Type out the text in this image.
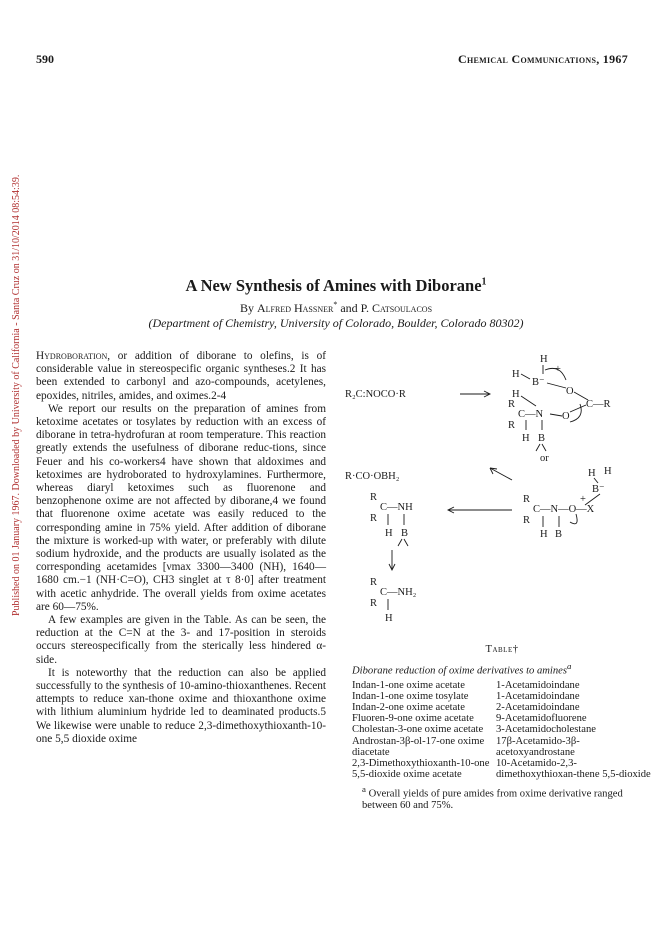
Published on 01 January 1967. Downloaded by University of California - Santa Cruz on 31/10/2014 08:54:39.
590	Chemical Communications, 1967
A New Synthesis of Amines with Diborane$^1$
By Alfred Hassner* and P. Catsoulacos
(Department of Chemistry, University of Colorado, Boulder, Colorado 80302)

Hydroboration, or addition of diborane to olefins, is of considerable value in stereospecific organic syntheses.2 It has been extended to carbonyl and azo-compounds, acetylenes, epoxides, nitriles, amides, and oximes.2-4

We report our results on the preparation of amines from ketoxime acetates or tosylates by reduction with an excess of diborane in tetra-hydrofuran at room temperature. This reaction greatly extends the usefulness of diborane reduc-tions, since Feuer and his co-workers4 have shown that aldoximes and ketoximes are hydroborated to hydroxylamines. Furthermore, whereas diaryl ketoximes such as fluorenone and benzophenone oxime are not affected by diborane,4 we found that fluorenone oxime acetate was easily reduced to the corresponding amine in 75% yield. After addition of diborane the mixture is worked-up with water, or preferably with dilute sodium hydroxide, and the products are usually isolated as the corresponding acetamides [νmax 3300—3400 (NH), 1640—1680 cm.−1 (NH·C=O), CH3 singlet at τ 8·0] after treatment with acetic anhydride. The overall yields from oxime acetates are 60—75%.

A few examples are given in the Table. As can be seen, the reduction at the C=N at the 3- and 17-position in steroids occurs stereospecifically from the sterically less hindered α-side.

It is noteworthy that the reduction can also be applied successfully to the synthesis of 10-amino-thioxanthenes. Recent attempts to reduce xan-thone oxime and thioxanthone oxime with lithium aluminium hydride led to deaminated products.5 We likewise were unable to reduce 2,3-dimethoxythioxanth-10-one 5,5 dioxide oxime

H
H
B⁻
+
O
H
C—R
R
C—N O
R
H B
or
R₂C:NOCO·R
R·CO·OBH₂	H H
B⁻
R
C—N—O—X
+
R
H B
R
C—NH
R
H B
R
C—NH₂
R
H
Table†
Diborane reduction of oxime derivatives to amines$^a$
Indan-1-one oxime acetate	1-Acetamidoindane
Indan-1-one oxime tosylate	1-Acetamidoindane
Indan-2-one oxime acetate	2-Acetamidoindane
Fluoren-9-one oxime acetate	9-Acetamidofluorene
Cholestan-3-one oxime acetate	3-Acetamidocholestane
Androstan-3β-ol-17-one oxime diacetate	17β-Acetamido-3β-acetoxyandrostane
2,3-Dimethoxythioxanth-10-one 5,5-dioxide oxime acetate	10-Acetamido-2,3-dimethoxythioxan-thene 5,5-dioxide
$^a$ Overall yields of pure amides from oxime derivative ranged between 60 and 75%.
